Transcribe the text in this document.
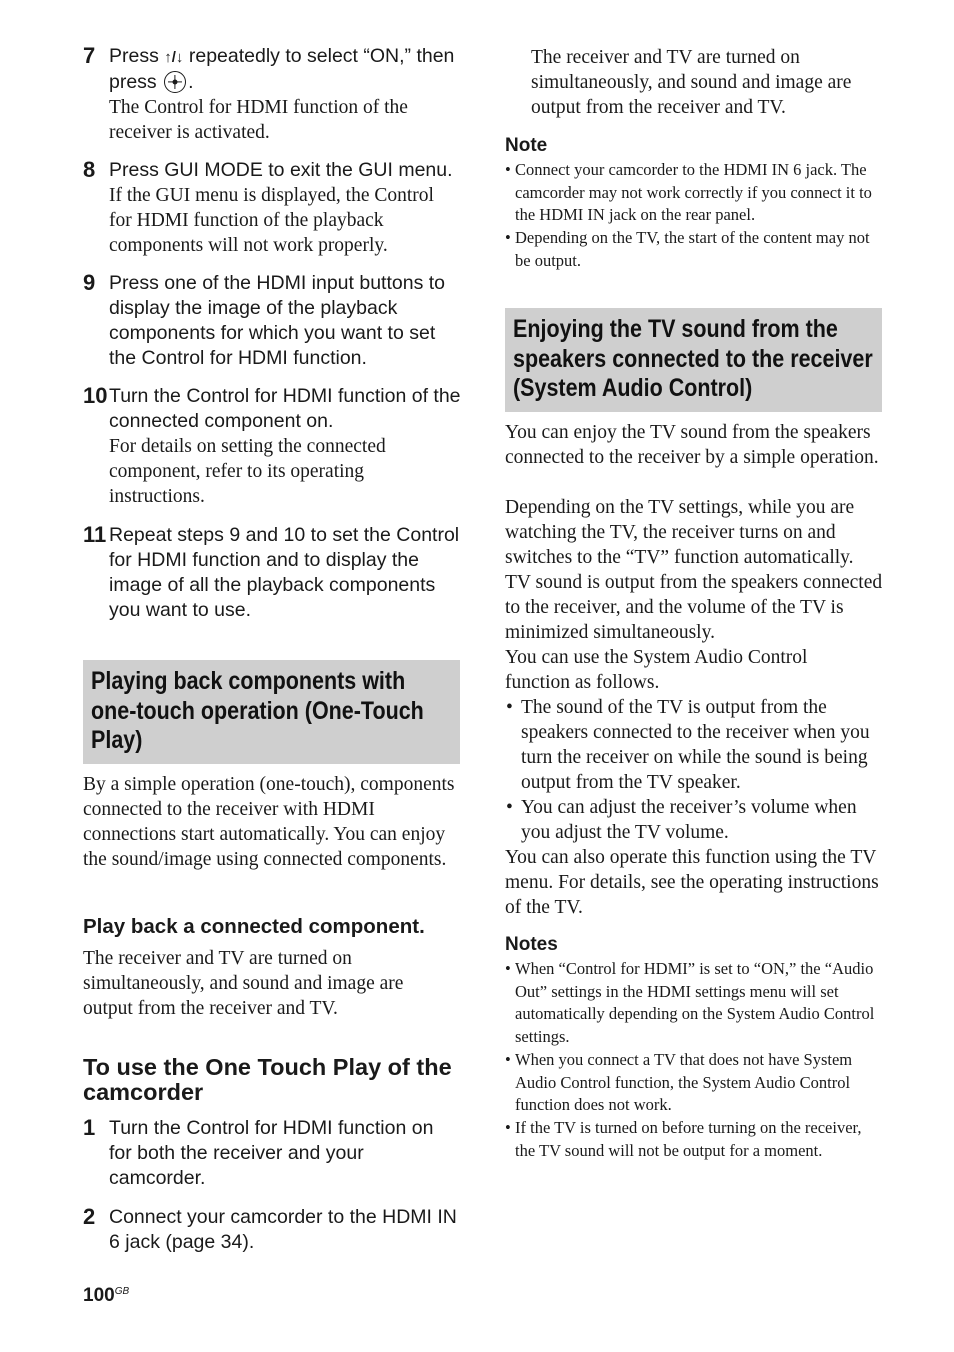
7 Press ↑/↓ repeatedly to select “ON,” then press
.
The Control for HDMI function of the receiver is activated.
8 Press GUI MODE to exit the GUI menu.
If the GUI menu is displayed, the Control for HDMI function of the playback components will not work properly.
9 Press one of the HDMI input buttons to display the image of the playback components for which you want to set the Control for HDMI function.
10 Turn the Control for HDMI function of the connected component on.
For details on setting the connected component, refer to its operating instructions.
11 Repeat steps 9 and 10 to set the Control for HDMI function and to display the image of all the playback components you want to use.
Playing back components with one-touch operation (One-Touch Play)

By a simple operation (one-touch), components connected to the receiver with HDMI connections start automatically. You can enjoy the sound/image using connected components.

Play back a connected component.

The receiver and TV are turned on simultaneously, and sound and image are output from the receiver and TV.

To use the One Touch Play of the camcorder
1 Turn the Control for HDMI function on for both the receiver and your camcorder.
2 Connect your camcorder to the HDMI IN 6 jack (page 34).

The receiver and TV are turned on simultaneously, and sound and image are output from the receiver and TV.

Note
• Connect your camcorder to the HDMI IN 6 jack. The camcorder may not work correctly if you connect it to the HDMI IN jack on the rear panel.
• Depending on the TV, the start of the content may not be output.
Enjoying the TV sound from the speakers connected to the receiver (System Audio Control)

You can enjoy the TV sound from the speakers connected to the receiver by a simple operation.

Depending on the TV settings, while you are watching the TV, the receiver turns on and switches to the “TV” function automatically. TV sound is output from the speakers connected to the receiver, and the volume of the TV is minimized simultaneously.

You can use the System Audio Control function as follows.

• The sound of the TV is output from the speakers connected to the receiver when you turn the receiver on while the sound is being output from the TV speaker.
• You can adjust the receiver’s volume when you adjust the TV volume.

You can also operate this function using the TV menu. For details, see the operating instructions of the TV.

Notes
• When “Control for HDMI” is set to “ON,” the “Audio Out” settings in the HDMI settings menu will set automatically depending on the System Audio Control settings.
• When you connect a TV that does not have System Audio Control function, the System Audio Control function does not work.
• If the TV is turned on before turning on the receiver, the TV sound will not be output for a moment.
$100^{GB}$
